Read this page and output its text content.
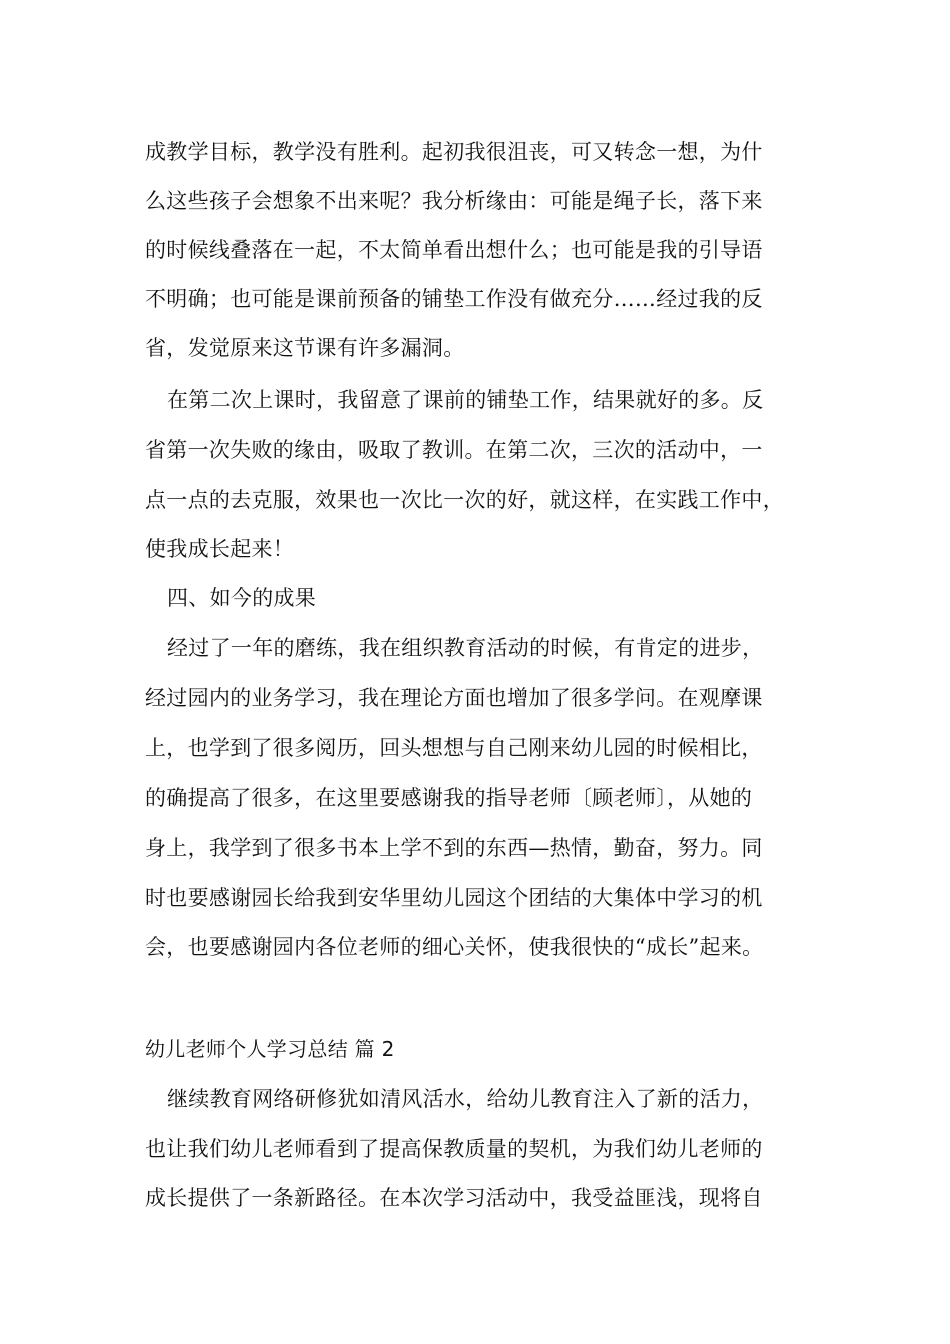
成教学目标，教学没有胜利。起初我很沮丧，可又转念一想，为什
么这些孩子会想象不出来呢？我分析缘由：可能是绳子长，落下来
的时候线叠落在一起，不太简单看出想什么；也可能是我的引导语
不明确；也可能是课前预备的铺垫工作没有做充分……经过我的反
省，发觉原来这节课有许多漏洞。
在第二次上课时，我留意了课前的铺垫工作，结果就好的多。反
省第一次失败的缘由，吸取了教训。在第二次，三次的活动中，一
点一点的去克服，效果也一次比一次的好，就这样，在实践工作中，
使我成长起来！
四、如今的成果
经过了一年的磨练，我在组织教育活动的时候，有肯定的进步，
经过园内的业务学习，我在理论方面也增加了很多学问。在观摩课
上，也学到了很多阅历，回头想想与自己刚来幼儿园的时候相比，
的确提高了很多，在这里要感谢我的指导老师〔顾老师〕，从她的
身上，我学到了很多书本上学不到的东西—热情，勤奋，努力。同
时也要感谢园长给我到安华里幼儿园这个团结的大集体中学习的机
会，也要感谢园内各位老师的细心关怀，使我很快的“成长”起来。
幼儿老师个人学习总结 篇 2
继续教育网络研修犹如清风活水，给幼儿教育注入了新的活力，
也让我们幼儿老师看到了提高保教质量的契机，为我们幼儿老师的
成长提供了一条新路径。在本次学习活动中，我受益匪浅，现将自
